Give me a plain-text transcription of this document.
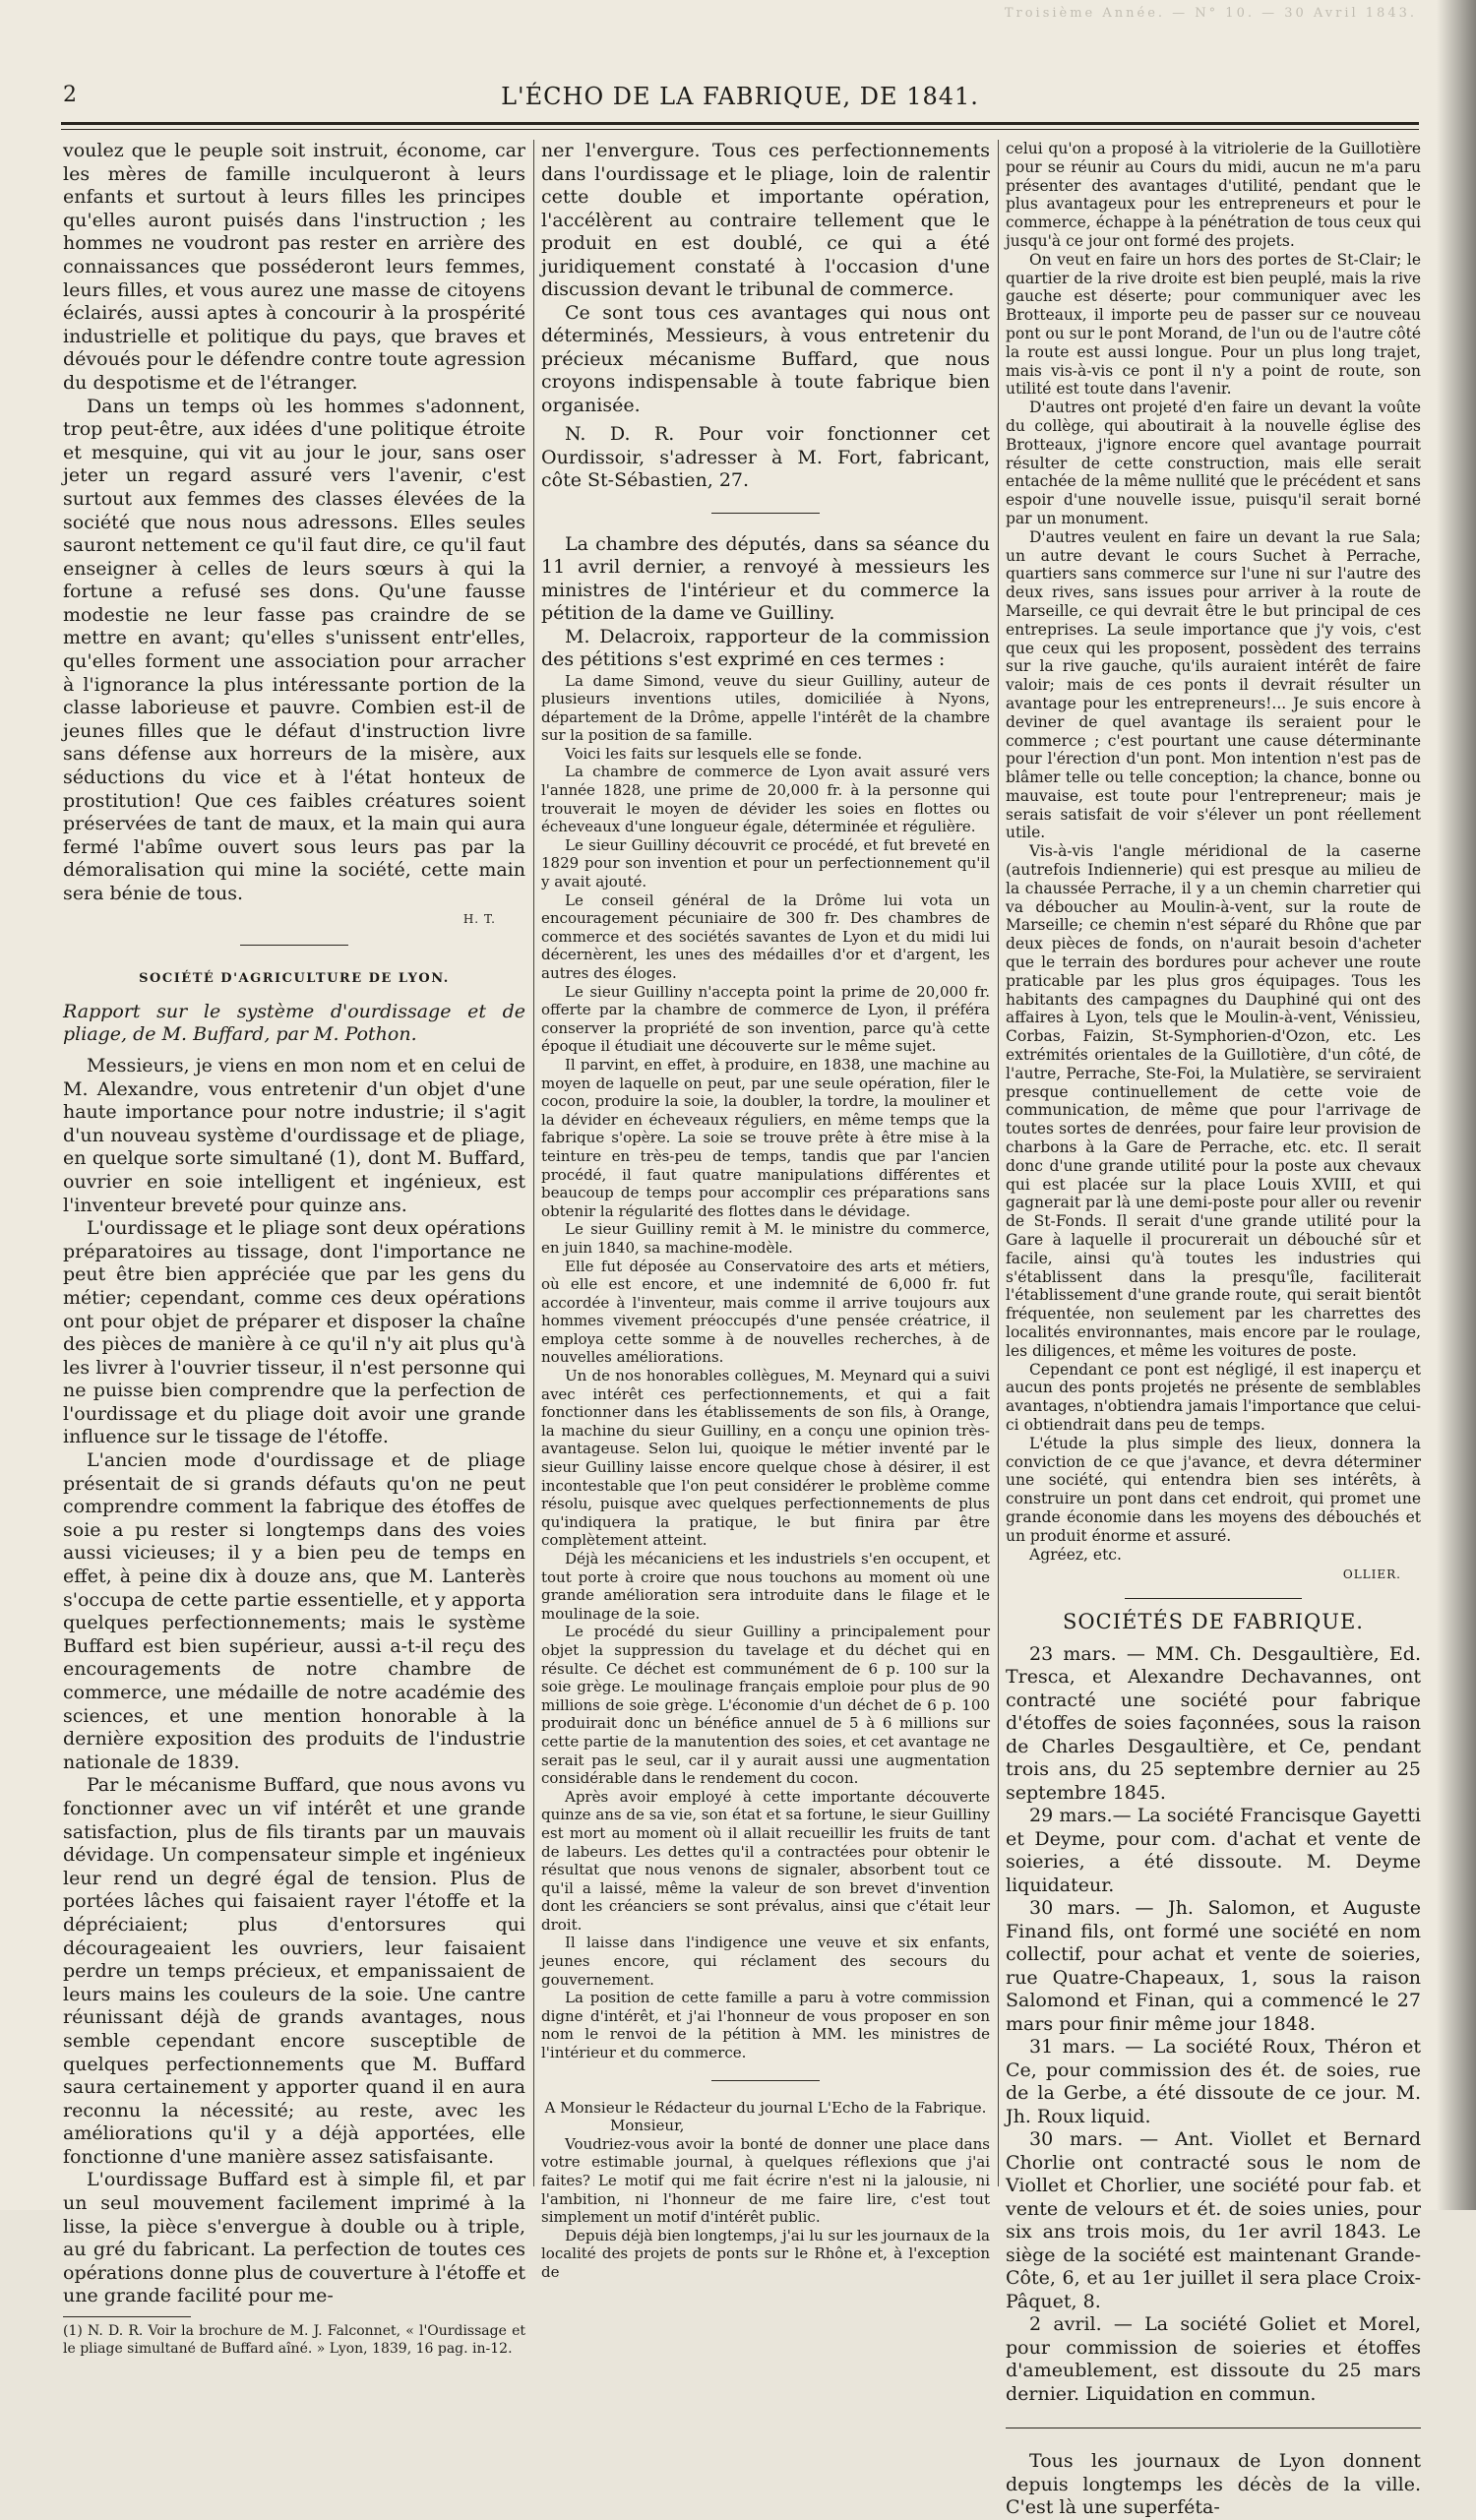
Troisième Année. — N° 10. — 30 Avril 1843.
2	L'ÉCHO DE LA FABRIQUE, DE 1841.

voulez que le peuple soit instruit, économe, car les mères de famille inculqueront à leurs enfants et surtout à leurs filles les principes qu'elles auront puisés dans l'instruction ; les hommes ne voudront pas rester en arrière des connaissances que posséderont leurs femmes, leurs filles, et vous aurez une masse de citoyens éclairés, aussi aptes à concourir à la prospérité industrielle et politique du pays, que braves et dévoués pour le défendre contre toute agression du despotisme et de l'étranger.

Dans un temps où les hommes s'adonnent, trop peut-être, aux idées d'une politique étroite et mesquine, qui vit au jour le jour, sans oser jeter un regard assuré vers l'avenir, c'est surtout aux femmes des classes élevées de la société que nous nous adressons. Elles seules sauront nettement ce qu'il faut dire, ce qu'il faut enseigner à celles de leurs sœurs à qui la fortune a refusé ses dons. Qu'une fausse modestie ne leur fasse pas craindre de se mettre en avant; qu'elles s'unissent entr'elles, qu'elles forment une association pour arracher à l'ignorance la plus intéressante portion de la classe laborieuse et pauvre. Combien est-il de jeunes filles que le défaut d'instruction livre sans défense aux horreurs de la misère, aux séductions du vice et à l'état honteux de prostitution! Que ces faibles créatures soient préservées de tant de maux, et la main qui aura fermé l'abîme ouvert sous leurs pas par la démoralisation qui mine la société, cette main sera bénie de tous.

H. T.
SOCIÉTÉ D'AGRICULTURE DE LYON.

Rapport sur le système d'ourdissage et de pliage, de M. Buffard, par M. Pothon.

Messieurs, je viens en mon nom et en celui de M. Alexandre, vous entretenir d'un objet d'une haute importance pour notre industrie; il s'agit d'un nouveau système d'ourdissage et de pliage, en quelque sorte simultané (1), dont M. Buffard, ouvrier en soie intelligent et ingénieux, est l'inventeur breveté pour quinze ans.

L'ourdissage et le pliage sont deux opérations préparatoires au tissage, dont l'importance ne peut être bien appréciée que par les gens du métier; cependant, comme ces deux opérations ont pour objet de préparer et disposer la chaîne des pièces de manière à ce qu'il n'y ait plus qu'à les livrer à l'ouvrier tisseur, il n'est personne qui ne puisse bien comprendre que la perfection de l'ourdissage et du pliage doit avoir une grande influence sur le tissage de l'étoffe.

L'ancien mode d'ourdissage et de pliage présentait de si grands défauts qu'on ne peut comprendre comment la fabrique des étoffes de soie a pu rester si longtemps dans des voies aussi vicieuses; il y a bien peu de temps en effet, à peine dix à douze ans, que M. Lanterès s'occupa de cette partie essentielle, et y apporta quelques perfectionnements; mais le système Buffard est bien supérieur, aussi a-t-il reçu des encouragements de notre chambre de commerce, une médaille de notre académie des sciences, et une mention honorable à la dernière exposition des produits de l'industrie nationale de 1839.

Par le mécanisme Buffard, que nous avons vu fonctionner avec un vif intérêt et une grande satisfaction, plus de fils tirants par un mauvais dévidage. Un compensateur simple et ingénieux leur rend un degré égal de tension. Plus de portées lâches qui faisaient rayer l'étoffe et la dépréciaient; plus d'entorsures qui décourageaient les ouvriers, leur faisaient perdre un temps précieux, et empanissaient de leurs mains les couleurs de la soie. Une cantre réunissant déjà de grands avantages, nous semble cependant encore susceptible de quelques perfectionnements que M. Buffard saura certainement y apporter quand il en aura reconnu la nécessité; au reste, avec les améliorations qu'il y a déjà apportées, elle fonctionne d'une manière assez satisfaisante.

L'ourdissage Buffard est à simple fil, et par un seul mouvement facilement imprimé à la lisse, la pièce s'envergue à double ou à triple, au gré du fabricant. La perfection de toutes ces opérations donne plus de couverture à l'étoffe et une grande facilité pour me-

(1) N. D. R. Voir la brochure de M. J. Falconnet, « l'Ourdissage et le pliage simultané de Buffard aîné. » Lyon, 1839, 16 pag. in-12.

ner l'envergure. Tous ces perfectionnements dans l'ourdissage et le pliage, loin de ralentir cette double et importante opération, l'accélèrent au contraire tellement que le produit en est doublé, ce qui a été juridiquement constaté à l'occasion d'une discussion devant le tribunal de commerce.

Ce sont tous ces avantages qui nous ont déterminés, Messieurs, à vous entretenir du précieux mécanisme Buffard, que nous croyons indispensable à toute fabrique bien organisée.

N. D. R. Pour voir fonctionner cet Ourdissoir, s'adresser à M. Fort, fabricant, côte St-Sébastien, 27.

La chambre des députés, dans sa séance du 11 avril dernier, a renvoyé à messieurs les ministres de l'intérieur et du commerce la pétition de la dame ve Guilliny.

M. Delacroix, rapporteur de la commission des pétitions s'est exprimé en ces termes :

La dame Simond, veuve du sieur Guilliny, auteur de plusieurs inventions utiles, domiciliée à Nyons, département de la Drôme, appelle l'intérêt de la chambre sur la position de sa famille.

Voici les faits sur lesquels elle se fonde.

La chambre de commerce de Lyon avait assuré vers l'année 1828, une prime de 20,000 fr. à la personne qui trouverait le moyen de dévider les soies en flottes ou écheveaux d'une longueur égale, déterminée et régulière.

Le sieur Guilliny découvrit ce procédé, et fut breveté en 1829 pour son invention et pour un perfectionnement qu'il y avait ajouté.

Le conseil général de la Drôme lui vota un encouragement pécuniaire de 300 fr. Des chambres de commerce et des sociétés savantes de Lyon et du midi lui décernèrent, les unes des médailles d'or et d'argent, les autres des éloges.

Le sieur Guilliny n'accepta point la prime de 20,000 fr. offerte par la chambre de commerce de Lyon, il préféra conserver la propriété de son invention, parce qu'à cette époque il étudiait une découverte sur le même sujet.

Il parvint, en effet, à produire, en 1838, une machine au moyen de laquelle on peut, par une seule opération, filer le cocon, produire la soie, la doubler, la tordre, la mouliner et la dévider en écheveaux réguliers, en même temps que la fabrique s'opère. La soie se trouve prête à être mise à la teinture en très-peu de temps, tandis que par l'ancien procédé, il faut quatre manipulations différentes et beaucoup de temps pour accomplir ces préparations sans obtenir la régularité des flottes dans le dévidage.

Le sieur Guilliny remit à M. le ministre du commerce, en juin 1840, sa machine-modèle.

Elle fut déposée au Conservatoire des arts et métiers, où elle est encore, et une indemnité de 6,000 fr. fut accordée à l'inventeur, mais comme il arrive toujours aux hommes vivement préoccupés d'une pensée créatrice, il employa cette somme à de nouvelles recherches, à de nouvelles améliorations.

Un de nos honorables collègues, M. Meynard qui a suivi avec intérêt ces perfectionnements, et qui a fait fonctionner dans les établissements de son fils, à Orange, la machine du sieur Guilliny, en a conçu une opinion très-avantageuse. Selon lui, quoique le métier inventé par le sieur Guilliny laisse encore quelque chose à désirer, il est incontestable que l'on peut considérer le problème comme résolu, puisque avec quelques perfectionnements de plus qu'indiquera la pratique, le but finira par être complètement atteint.

Déjà les mécaniciens et les industriels s'en occupent, et tout porte à croire que nous touchons au moment où une grande amélioration sera introduite dans le filage et le moulinage de la soie.

Le procédé du sieur Guilliny a principalement pour objet la suppression du tavelage et du déchet qui en résulte. Ce déchet est communément de 6 p. 100 sur la soie grège. Le moulinage français emploie pour plus de 90 millions de soie grège. L'économie d'un déchet de 6 p. 100 produirait donc un bénéfice annuel de 5 à 6 millions sur cette partie de la manutention des soies, et cet avantage ne serait pas le seul, car il y aurait aussi une augmentation considérable dans le rendement du cocon.

Après avoir employé à cette importante découverte quinze ans de sa vie, son état et sa fortune, le sieur Guilliny est mort au moment où il allait recueillir les fruits de tant de labeurs. Les dettes qu'il a contractées pour obtenir le résultat que nous venons de signaler, absorbent tout ce qu'il a laissé, même la valeur de son brevet d'invention dont les créanciers se sont prévalus, ainsi que c'était leur droit.

Il laisse dans l'indigence une veuve et six enfants, jeunes encore, qui réclament des secours du gouvernement.

La position de cette famille a paru à votre commission digne d'intérêt, et j'ai l'honneur de vous proposer en son nom le renvoi de la pétition à MM. les ministres de l'intérieur et du commerce.

A Monsieur le Rédacteur du journal L'Echo de la Fabrique.

Monsieur,

Voudriez-vous avoir la bonté de donner une place dans votre estimable journal, à quelques réflexions que j'ai faites? Le motif qui me fait écrire n'est ni la jalousie, ni l'ambition, ni l'honneur de me faire lire, c'est tout simplement un motif d'intérêt public.

Depuis déjà bien longtemps, j'ai lu sur les journaux de la localité des projets de ponts sur le Rhône et, à l'exception de

celui qu'on a proposé à la vitriolerie de la Guillotière pour se réunir au Cours du midi, aucun ne m'a paru présenter des avantages d'utilité, pendant que le plus avantageux pour les entrepreneurs et pour le commerce, échappe à la pénétration de tous ceux qui jusqu'à ce jour ont formé des projets.

On veut en faire un hors des portes de St-Clair; le quartier de la rive droite est bien peuplé, mais la rive gauche est déserte; pour communiquer avec les Brotteaux, il importe peu de passer sur ce nouveau pont ou sur le pont Morand, de l'un ou de l'autre côté la route est aussi longue. Pour un plus long trajet, mais vis-à-vis ce pont il n'y a point de route, son utilité est toute dans l'avenir.

D'autres ont projeté d'en faire un devant la voûte du collège, qui aboutirait à la nouvelle église des Brotteaux, j'ignore encore quel avantage pourrait résulter de cette construction, mais elle serait entachée de la même nullité que le précédent et sans espoir d'une nouvelle issue, puisqu'il serait borné par un monument.

D'autres veulent en faire un devant la rue Sala; un autre devant le cours Suchet à Perrache, quartiers sans commerce sur l'une ni sur l'autre des deux rives, sans issues pour arriver à la route de Marseille, ce qui devrait être le but principal de ces entreprises. La seule importance que j'y vois, c'est que ceux qui les proposent, possèdent des terrains sur la rive gauche, qu'ils auraient intérêt de faire valoir; mais de ces ponts il devrait résulter un avantage pour les entrepreneurs!... Je suis encore à deviner de quel avantage ils seraient pour le commerce ; c'est pourtant une cause déterminante pour l'érection d'un pont. Mon intention n'est pas de blâmer telle ou telle conception; la chance, bonne ou mauvaise, est toute pour l'entrepreneur; mais je serais satisfait de voir s'élever un pont réellement utile.

Vis-à-vis l'angle méridional de la caserne (autrefois Indiennerie) qui est presque au milieu de la chaussée Perrache, il y a un chemin charretier qui va déboucher au Moulin-à-vent, sur la route de Marseille; ce chemin n'est séparé du Rhône que par deux pièces de fonds, on n'aurait besoin d'acheter que le terrain des bordures pour achever une route praticable par les plus gros équipages. Tous les habitants des campagnes du Dauphiné qui ont des affaires à Lyon, tels que le Moulin-à-vent, Vénissieu, Corbas, Faizin, St-Symphorien-d'Ozon, etc. Les extrémités orientales de la Guillotière, d'un côté, de l'autre, Perrache, Ste-Foi, la Mulatière, se serviraient presque continuellement de cette voie de communication, de même que pour l'arrivage de toutes sortes de denrées, pour faire leur provision de charbons à la Gare de Perrache, etc. etc. Il serait donc d'une grande utilité pour la poste aux chevaux qui est placée sur la place Louis XVIII, et qui gagnerait par là une demi-poste pour aller ou revenir de St-Fonds. Il serait d'une grande utilité pour la Gare à laquelle il procurerait un débouché sûr et facile, ainsi qu'à toutes les industries qui s'établissent dans la presqu'île, faciliterait l'établissement d'une grande route, qui serait bientôt fréquentée, non seulement par les charrettes des localités environnantes, mais encore par le roulage, les diligences, et même les voitures de poste.

Cependant ce pont est négligé, il est inaperçu et aucun des ponts projetés ne présente de semblables avantages, n'obtiendra jamais l'importance que celui-ci obtiendrait dans peu de temps.

L'étude la plus simple des lieux, donnera la conviction de ce que j'avance, et devra déterminer une société, qui entendra bien ses intérêts, à construire un pont dans cet endroit, qui promet une grande économie dans les moyens des débouchés et un produit énorme et assuré.

Agréez, etc.

OLLIER.
SOCIÉTÉS DE FABRIQUE.

23 mars. — MM. Ch. Desgaultière, Ed. Tresca, et Alexandre Dechavannes, ont contracté une société pour fabrique d'étoffes de soies façonnées, sous la raison de Charles Desgaultière, et Ce, pendant trois ans, du 25 septembre dernier au 25 septembre 1845.

29 mars.— La société Francisque Gayetti et Deyme, pour com. d'achat et vente de soieries, a été dissoute. M. Deyme liquidateur.

30 mars. — Jh. Salomon, et Auguste Finand fils, ont formé une société en nom collectif, pour achat et vente de soieries, rue Quatre-Chapeaux, 1, sous la raison Salomond et Finan, qui a commencé le 27 mars pour finir même jour 1848.

31 mars. — La société Roux, Théron et Ce, pour commission des ét. de soies, rue de la Gerbe, a été dissoute de ce jour. M. Jh. Roux liquid.

30 mars. — Ant. Viollet et Bernard Chorlie ont contracté sous le nom de Viollet et Chorlier, une société pour fab. et vente de velours et ét. de soies unies, pour six ans trois mois, du 1er avril 1843. Le siège de la société est maintenant Grande-Côte, 6, et au 1er juillet il sera place Croix-Pâquet, 8.

2 avril. — La société Goliet et Morel, pour commission de soieries et étoffes d'ameublement, est dissoute du 25 mars dernier. Liquidation en commun.

Tous les journaux de Lyon donnent depuis longtemps les décès de la ville. C'est là une superféta-
